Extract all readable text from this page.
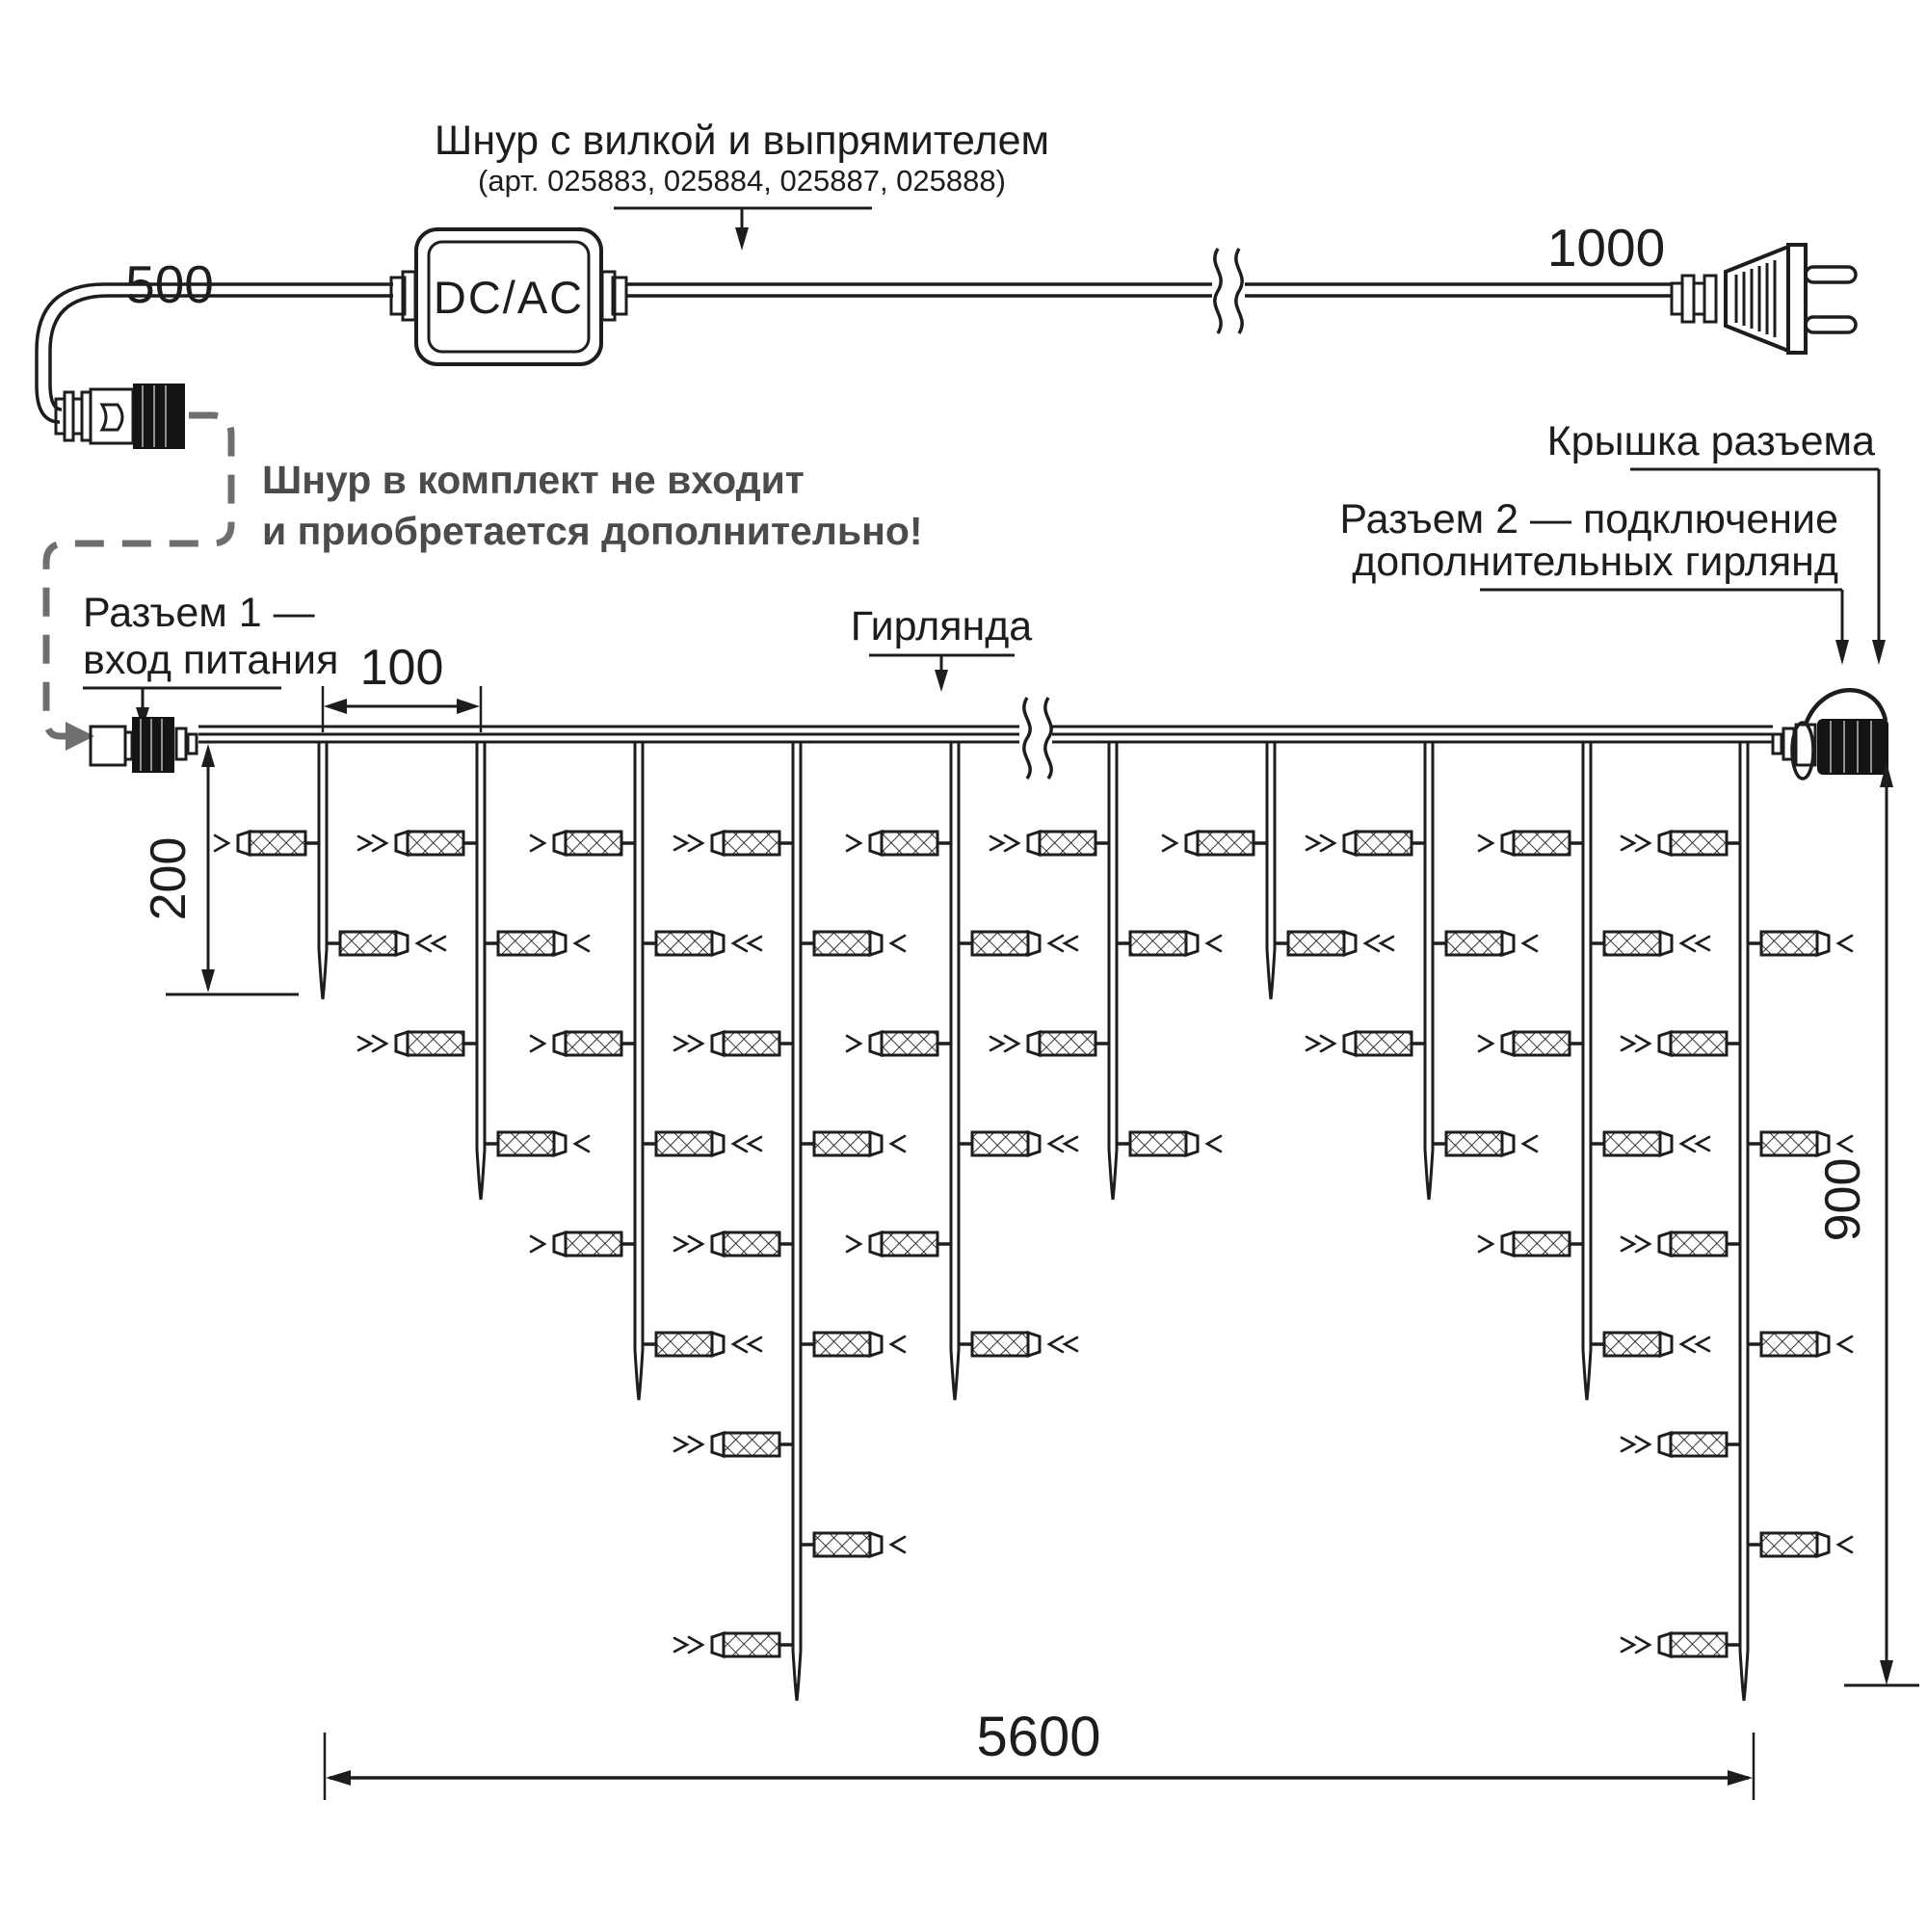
Шнур с вилкой и выпрямителем
(арт. 025883, 025884, 025887, 025888)
500
Шнур в комплект не входит
и приобретается дополнительно!
DC/AC
1000
Разъем 1 —
вход питания 100
200
Гирлянда
Крышка разъема
Разъем 2 — подключение
дополнительных гирлянд
900
5600
